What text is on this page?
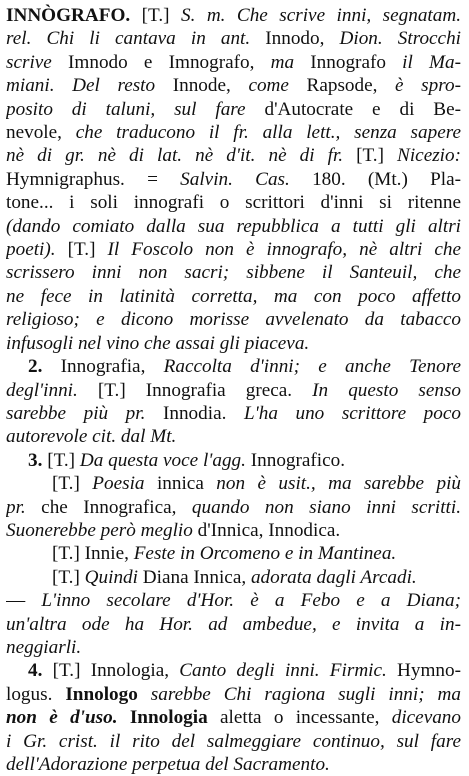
INNÒGRAFO. [T.] S. m. Che scrive inni, segnatam.
rel. Chi li cantava in ant. Innodo, Dion. Strocchi
scrive Imnodo e Imnografo, ma Innografo il Ma-
miani. Del resto Innode, come Rapsode, è spro-
posito di taluni, sul fare d'Autocrate e di Be-
nevole, che traducono il fr. alla lett., senza sapere
nè di gr. nè di lat. nè d'it. nè di fr. [T.] Nicezio:
Hymnigraphus. = Salvin. Cas. 180. (Mt.) Pla-
tone... i soli innografi o scrittori d'inni si ritenne
(dando comiato dalla sua repubblica a tutti gli altri
poeti). [T.] Il Foscolo non è innografo, nè altri che
scrissero inni non sacri; sibbene il Santeuil, che
ne fece in latinità corretta, ma con poco affetto
religioso; e dicono morisse avvelenato da tabacco
infusogli nel vino che assai gli piaceva.
2. Innografia, Raccolta d'inni; e anche Tenore
degl'inni. [T.] Innografia greca. In questo senso
sarebbe più pr. Innodia. L'ha uno scrittore poco
autorevole cit. dal Mt.
3. [T.] Da questa voce l'agg. Innografico.
[T.] Poesia innica non è usit., ma sarebbe più
pr. che Innografica, quando non siano inni scritti.
Suonerebbe però meglio d'Innica, Innodica.
[T.] Innie, Feste in Orcomeno e in Mantinea.
[T.] Quindi Diana Innica, adorata dagli Arcadi.
— L'inno secolare d'Hor. è a Febo e a Diana;
un'altra ode ha Hor. ad ambedue, e invita a in-
neggiarli.
4. [T.] Innologia, Canto degli inni. Firmic. Hymno-
logus. Innologo sarebbe Chi ragiona sugli inni; ma
non è d'uso. Innologia aletta o incessante, dicevano
i Gr. crist. il rito del salmeggiare continuo, sul fare
dell'Adorazione perpetua del Sacramento.
